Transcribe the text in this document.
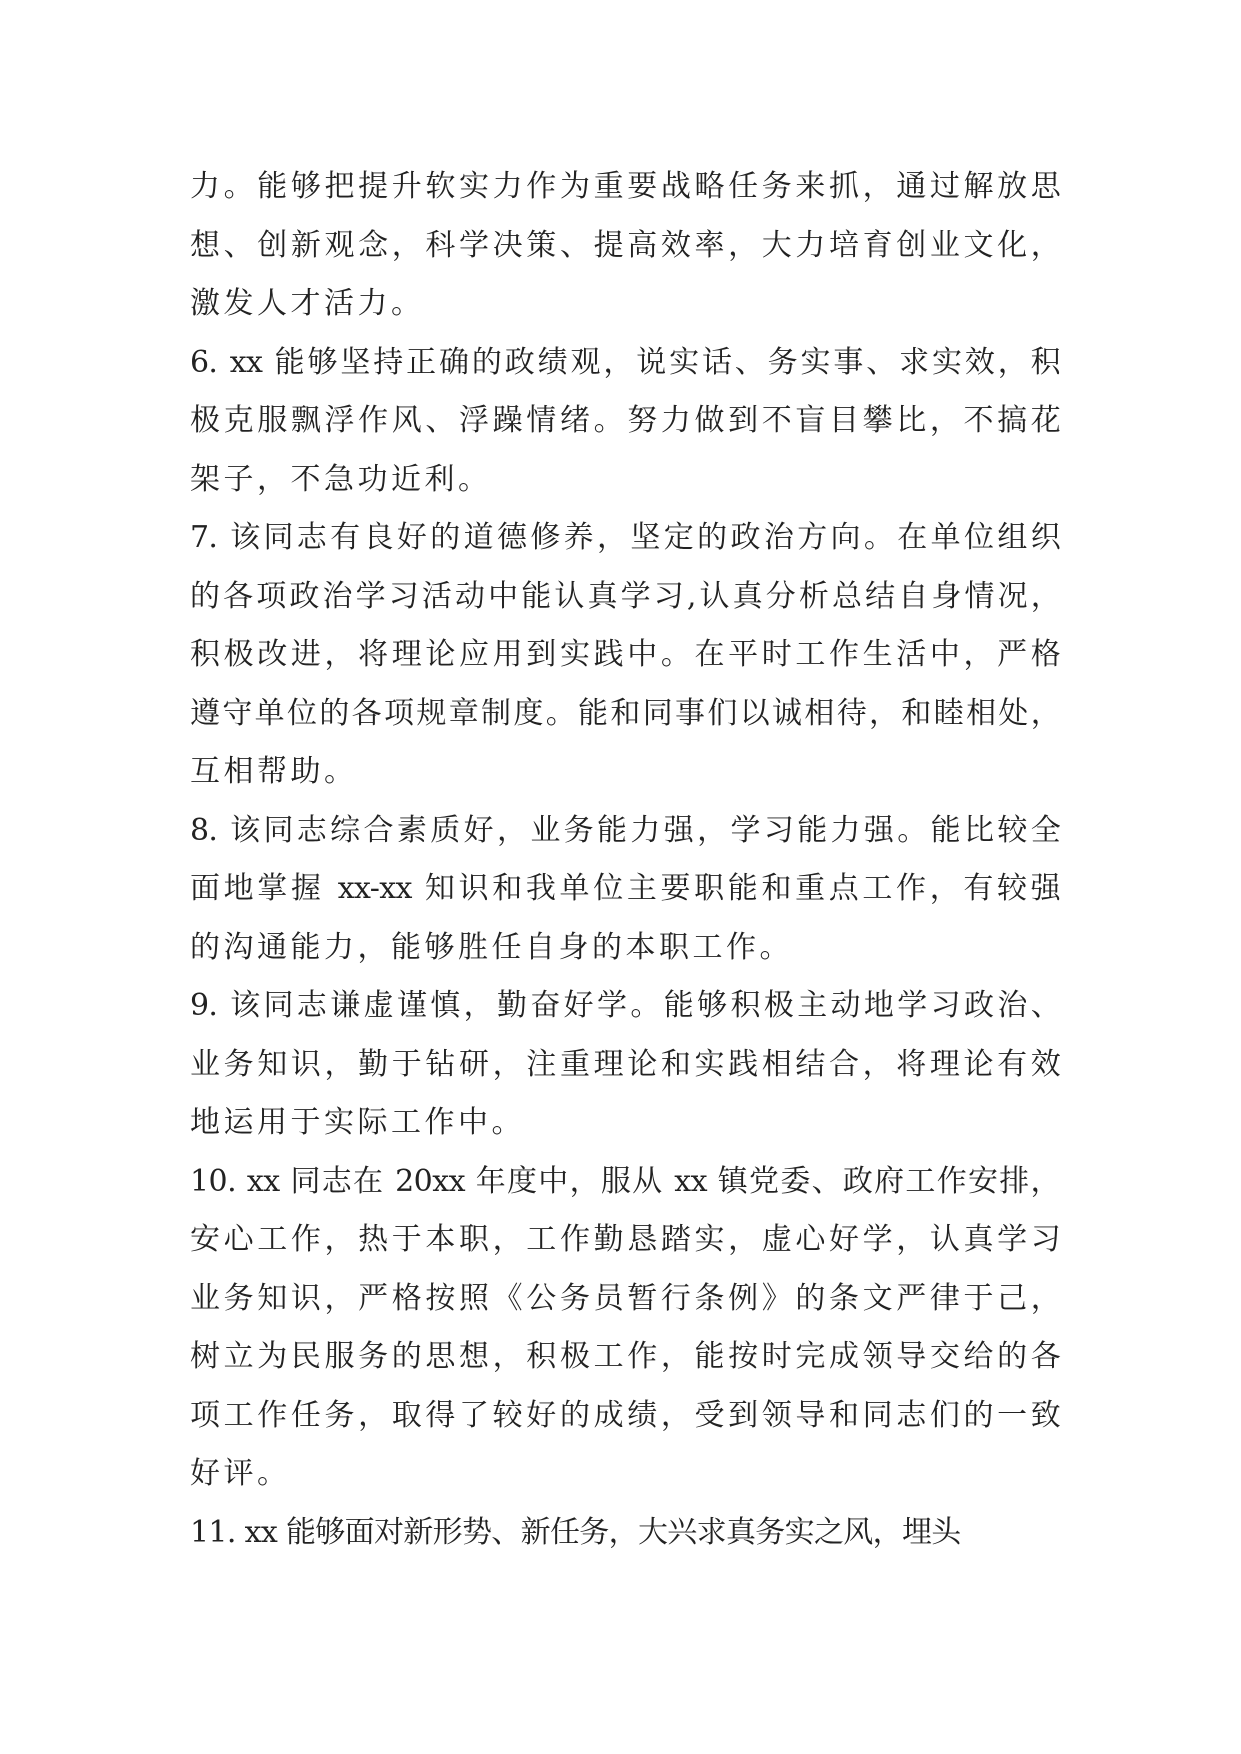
力。能够把提升软实力作为重要战略任务来抓，通过解放思
想、创新观念，科学决策、提高效率，大力培育创业文化，
激发人才活力。
6. xx 能够坚持正确的政绩观，说实话、务实事、求实效，积
极克服飘浮作风、浮躁情绪。努力做到不盲目攀比，不搞花
架子，不急功近利。
7. 该同志有良好的道德修养，坚定的政治方向。在单位组织
的各项政治学习活动中能认真学习,认真分析总结自身情况，
积极改进，将理论应用到实践中。在平时工作生活中，严格
遵守单位的各项规章制度。能和同事们以诚相待，和睦相处，
互相帮助。
8. 该同志综合素质好，业务能力强，学习能力强。能比较全
面地掌握 xx-xx 知识和我单位主要职能和重点工作，有较强
的沟通能力，能够胜任自身的本职工作。
9. 该同志谦虚谨慎，勤奋好学。能够积极主动地学习政治、
业务知识，勤于钻研，注重理论和实践相结合，将理论有效
地运用于实际工作中。
10. xx 同志在 20xx 年度中，服从 xx 镇党委、政府工作安排，
安心工作，热于本职，工作勤恳踏实，虚心好学，认真学习
业务知识，严格按照《公务员暂行条例》的条文严律于己，
树立为民服务的思想，积极工作，能按时完成领导交给的各
项工作任务，取得了较好的成绩，受到领导和同志们的一致
好评。
11. xx 能够面对新形势、新任务，大兴求真务实之风，埋头
